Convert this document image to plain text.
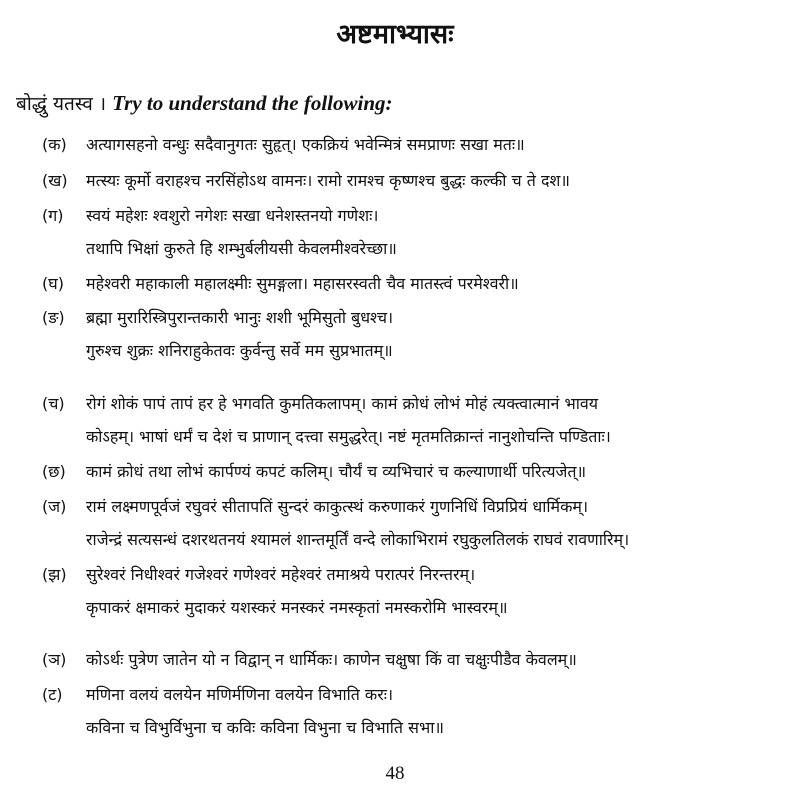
अष्टमाभ्यासः
बोद्धुं यतस्व । Try to understand the following:
(क) अत्यागसहनो वन्धुः सदैवानुगतः सुहृत्। एकक्रियं भवेन्मित्रं समप्राणः सखा मतः॥
(ख) मत्स्यः कूर्मो वराहश्च नरसिंहोऽथ वामनः। रामो रामश्च कृष्णश्च बुद्धः कल्की च ते दश॥
(ग) स्वयं महेशः श्वशुरो नगेशः सखा धनेशस्तनयो गणेशः।
तथापि भिक्षां कुरुते हि शम्भुर्बलीयसी केवलमीश्वरेच्छा॥
(घ) महेश्वरी महाकाली महालक्ष्मीः सुमङ्गला। महासरस्वती चैव मातस्त्वं परमेश्वरी॥
(ङ) ब्रह्मा मुरारिस्त्रिपुरान्तकारी भानुः शशी भूमिसुतो बुधश्च।
गुरुश्च शुक्रः शनिराहुकेतवः कुर्वन्तु सर्वे मम सुप्रभातम्॥
(च) रोगं शोकं पापं तापं हर हे भगवति कुमतिकलापम्। कामं क्रोधं लोभं मोहं त्यक्त्वात्मानं भावय
कोऽहम्। भाषां धर्मं च देशं च प्राणान् दत्त्वा समुद्धरेत्। नष्टं मृतमतिक्रान्तं नानुशोचन्ति पण्डिताः।
(छ) कामं क्रोधं तथा लोभं कार्पण्यं कपटं कलिम्। चौर्यं च व्यभिचारं च कल्याणार्थी परित्यजेत्॥
(ज) रामं लक्ष्मणपूर्वजं रघुवरं सीतापतिं सुन्दरं काकुत्स्थं करुणाकरं गुणनिधिं विप्रप्रियं धार्मिकम्।
राजेन्द्रं सत्यसन्धं दशरथतनयं श्यामलं शान्तमूर्तिं वन्दे लोकाभिरामं रघुकुलतिलकं राघवं रावणारिम्।
(झ) सुरेश्वरं निधीश्वरं गजेश्वरं गणेश्वरं महेश्वरं तमाश्रये परात्परं निरन्तरम्।
कृपाकरं क्षमाकरं मुदाकरं यशस्करं मनस्करं नमस्कृतां नमस्करोमि भास्वरम्॥
(ञ) कोऽर्थः पुत्रेण जातेन यो न विद्वान् न धार्मिकः। काणेन चक्षुषा किं वा चक्षुःपीडैव केवलम्॥
(ट) मणिना वलयं वलयेन मणिर्मणिना वलयेन विभाति करः।
कविना च विभुर्विभुना च कविः कविना विभुना च विभाति सभा॥
48
